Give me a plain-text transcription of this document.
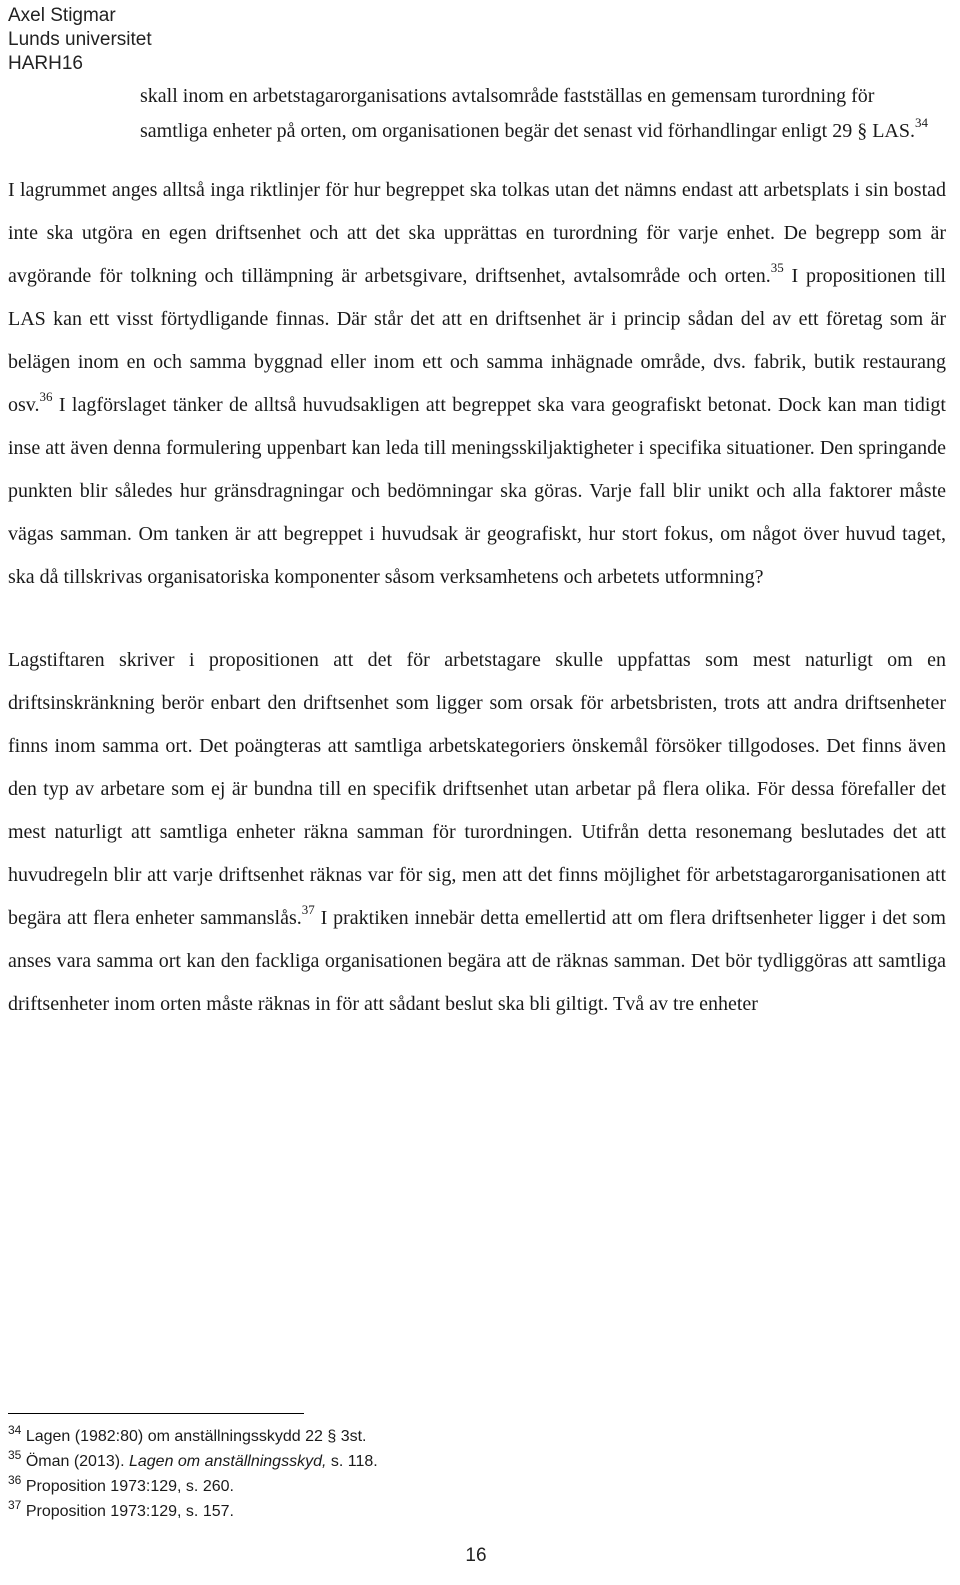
Axel Stigmar
Lunds universitet
HARH16

skall inom en arbetstagarorganisations avtalsområde fastställas en gemensam turordning för samtliga enheter på orten, om organisationen begär det senast vid förhandlingar enligt 29 § LAS.$^{34}$

I lagrummet anges alltså inga riktlinjer för hur begreppet ska tolkas utan det nämns endast att arbetsplats i sin bostad inte ska utgöra en egen driftsenhet och att det ska upprättas en turordning för varje enhet. De begrepp som är avgörande för tolkning och tillämpning är arbetsgivare, driftsenhet, avtalsområde och orten.$^{35}$ I propositionen till LAS kan ett visst förtydligande finnas. Där står det att en driftsenhet är i princip sådan del av ett företag som är belägen inom en och samma byggnad eller inom ett och samma inhägnade område, dvs. fabrik, butik restaurang osv.$^{36}$ I lagförslaget tänker de alltså huvudsakligen att begreppet ska vara geografiskt betonat. Dock kan man tidigt inse att även denna formulering uppenbart kan leda till meningsskiljaktigheter i specifika situationer. Den springande punkten blir således hur gränsdragningar och bedömningar ska göras. Varje fall blir unikt och alla faktorer måste vägas samman. Om tanken är att begreppet i huvudsak är geografiskt, hur stort fokus, om något över huvud taget, ska då tillskrivas organisatoriska komponenter såsom verksamhetens och arbetets utformning?

Lagstiftaren skriver i propositionen att det för arbetstagare skulle uppfattas som mest naturligt om en driftsinskränkning berör enbart den driftsenhet som ligger som orsak för arbetsbristen, trots att andra driftsenheter finns inom samma ort. Det poängteras att samtliga arbetskategoriers önskemål försöker tillgodoses. Det finns även den typ av arbetare som ej är bundna till en specifik driftsenhet utan arbetar på flera olika. För dessa förefaller det mest naturligt att samtliga enheter räkna samman för turordningen. Utifrån detta resonemang beslutades det att huvudregeln blir att varje driftsenhet räknas var för sig, men att det finns möjlighet för arbetstagarorganisationen att begära att flera enheter sammanslås.$^{37}$ I praktiken innebär detta emellertid att om flera driftsenheter ligger i det som anses vara samma ort kan den fackliga organisationen begära att de räknas samman. Det bör tydliggöras att samtliga driftsenheter inom orten måste räknas in för att sådant beslut ska bli giltigt. Två av tre enheter

$^{34}$ Lagen (1982:80) om anställningsskydd 22 § 3st.
$^{35}$ Öman (2013). Lagen om anställningsskyd, s. 118.
$^{36}$ Proposition 1973:129, s. 260.
$^{37}$ Proposition 1973:129, s. 157.
16
